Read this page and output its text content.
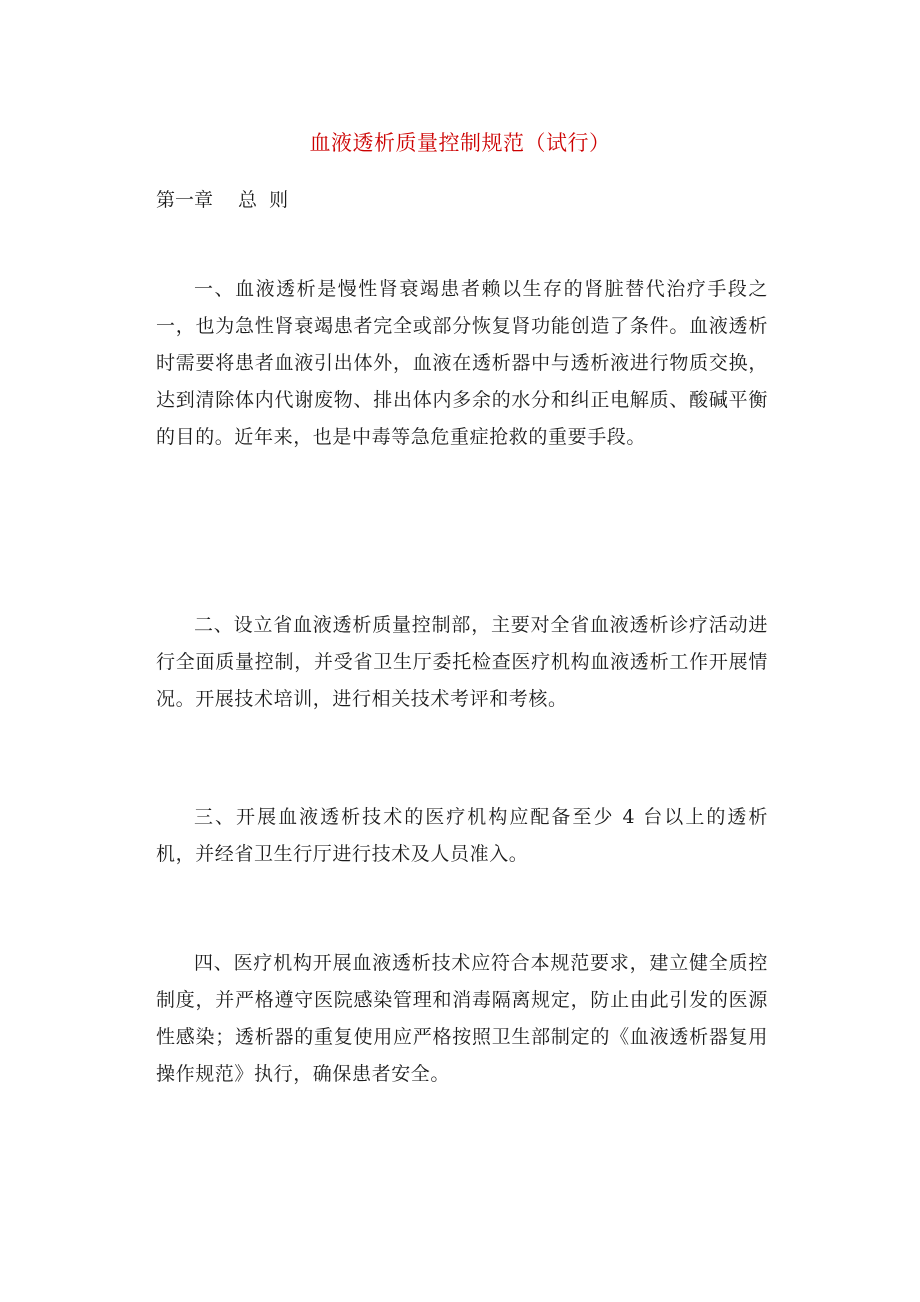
血液透析质量控制规范（试行）
第一章　 总  则

一、血液透析是慢性肾衰竭患者赖以生存的肾脏替代治疗手段之一，也为急性肾衰竭患者完全或部分恢复肾功能创造了条件。血液透析时需要将患者血液引出体外，血液在透析器中与透析液进行物质交换，达到清除体内代谢废物、排出体内多余的水分和纠正电解质、酸碱平衡的目的。近年来，也是中毒等急危重症抢救的重要手段。

二、设立省血液透析质量控制部，主要对全省血液透析诊疗活动进行全面质量控制，并受省卫生厅委托检查医疗机构血液透析工作开展情况。开展技术培训，进行相关技术考评和考核。

三、开展血液透析技术的医疗机构应配备至少 4 台以上的透析机，并经省卫生行厅进行技术及人员准入。

四、医疗机构开展血液透析技术应符合本规范要求，建立健全质控制度，并严格遵守医院感染管理和消毒隔离规定，防止由此引发的医源性感染；透析器的重复使用应严格按照卫生部制定的《血液透析器复用操作规范》执行，确保患者安全。
